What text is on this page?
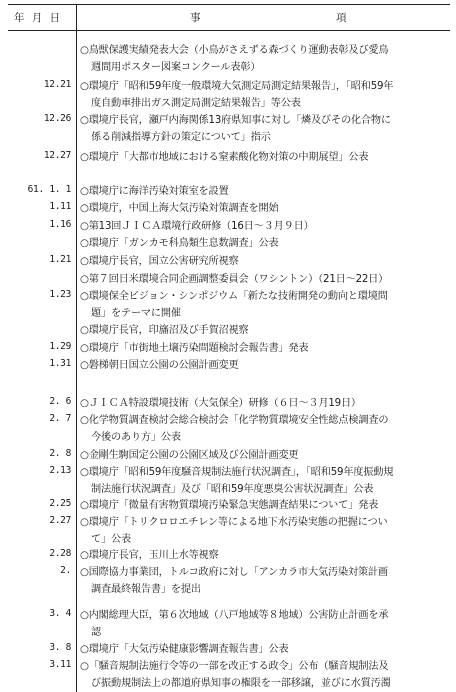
年 月 日	事	項
○鳥獣保護実績発表大会（小鳥がさえずる森づくり運動表彰及び愛鳥
週間用ポスター図案コンクール表彰）
12.21 ○環境庁「昭和59年度一般環境大気測定局測定結果報告」，「昭和59年
度自動車排出ガス測定局測定結果報告」等公表
12.26 ○環境庁長官，瀬戸内海関係13府県知事に対し「燐及びその化合物に
係る削減指導方針の策定について」指示
12.27 ○環境庁「大都市地域における窒素酸化物対策の中期展望」公表
61. 1. 1 ○環境庁に海洋汚染対策室を設置
1.11 ○環境庁，中国上海大気汚染対策調査を開始
1.16 ○第13回ＪＩＣＡ環境行政研修（16日～３月９日）
○環境庁「ガンカモ科鳥類生息数調査」公表
1.21 ○環境庁長官，国立公害研究所視察
○第７回日米環境合同企画調整委員会（ワシントン）（21日～22日）
1.23 ○環境保全ビジョン・シンポジウム「新たな技術開発の動向と環境問
題」をテーマに開催
○環境庁長官，印旛沼及び手賀沼視察
1.29 ○環境庁「市街地土壌汚染問題検討会報告書」発表
1.31 ○磐梯朝日国立公園の公園計画変更
2. 6 ○ＪＩＣＡ特設環境技術（大気保全）研修（６日～３月19日）
2. 7 ○化学物質調査検討会総合検討会「化学物質環境安全性総点検調査の
今後のあり方」公表
2. 8 ○金剛生駒国定公園の公園区域及び公園計画変更
2.13 ○環境庁「昭和59年度騒音規制法施行状況調査」，「昭和59年度振動規
制法施行状況調査」及び「昭和59年度悪臭公害状況調査」公表
2.25 ○環境庁「微量有害物質環境汚染緊急実態調査結果について」発表
2.27 ○環境庁「トリクロロエチレン等による地下水汚染実態の把握につい
て」公表
2.28 ○環境庁長官，玉川上水等視察
2. ○国際協力事業団，トルコ政府に対し「アンカラ市大気汚染対策計画
調査最終報告書」を提出
3. 4 ○内閣総理大臣，第６次地域（八戸地域等８地域）公害防止計画を承
認
3. 8 ○環境庁「大気汚染健康影響調査報告書」公表
3.11 ○「騒音規制法施行令等の一部を改正する政令」公布（騒音規制法及
び振動規制法上の都道府県知事の権限を一部移譲，並びに水質汚濁
